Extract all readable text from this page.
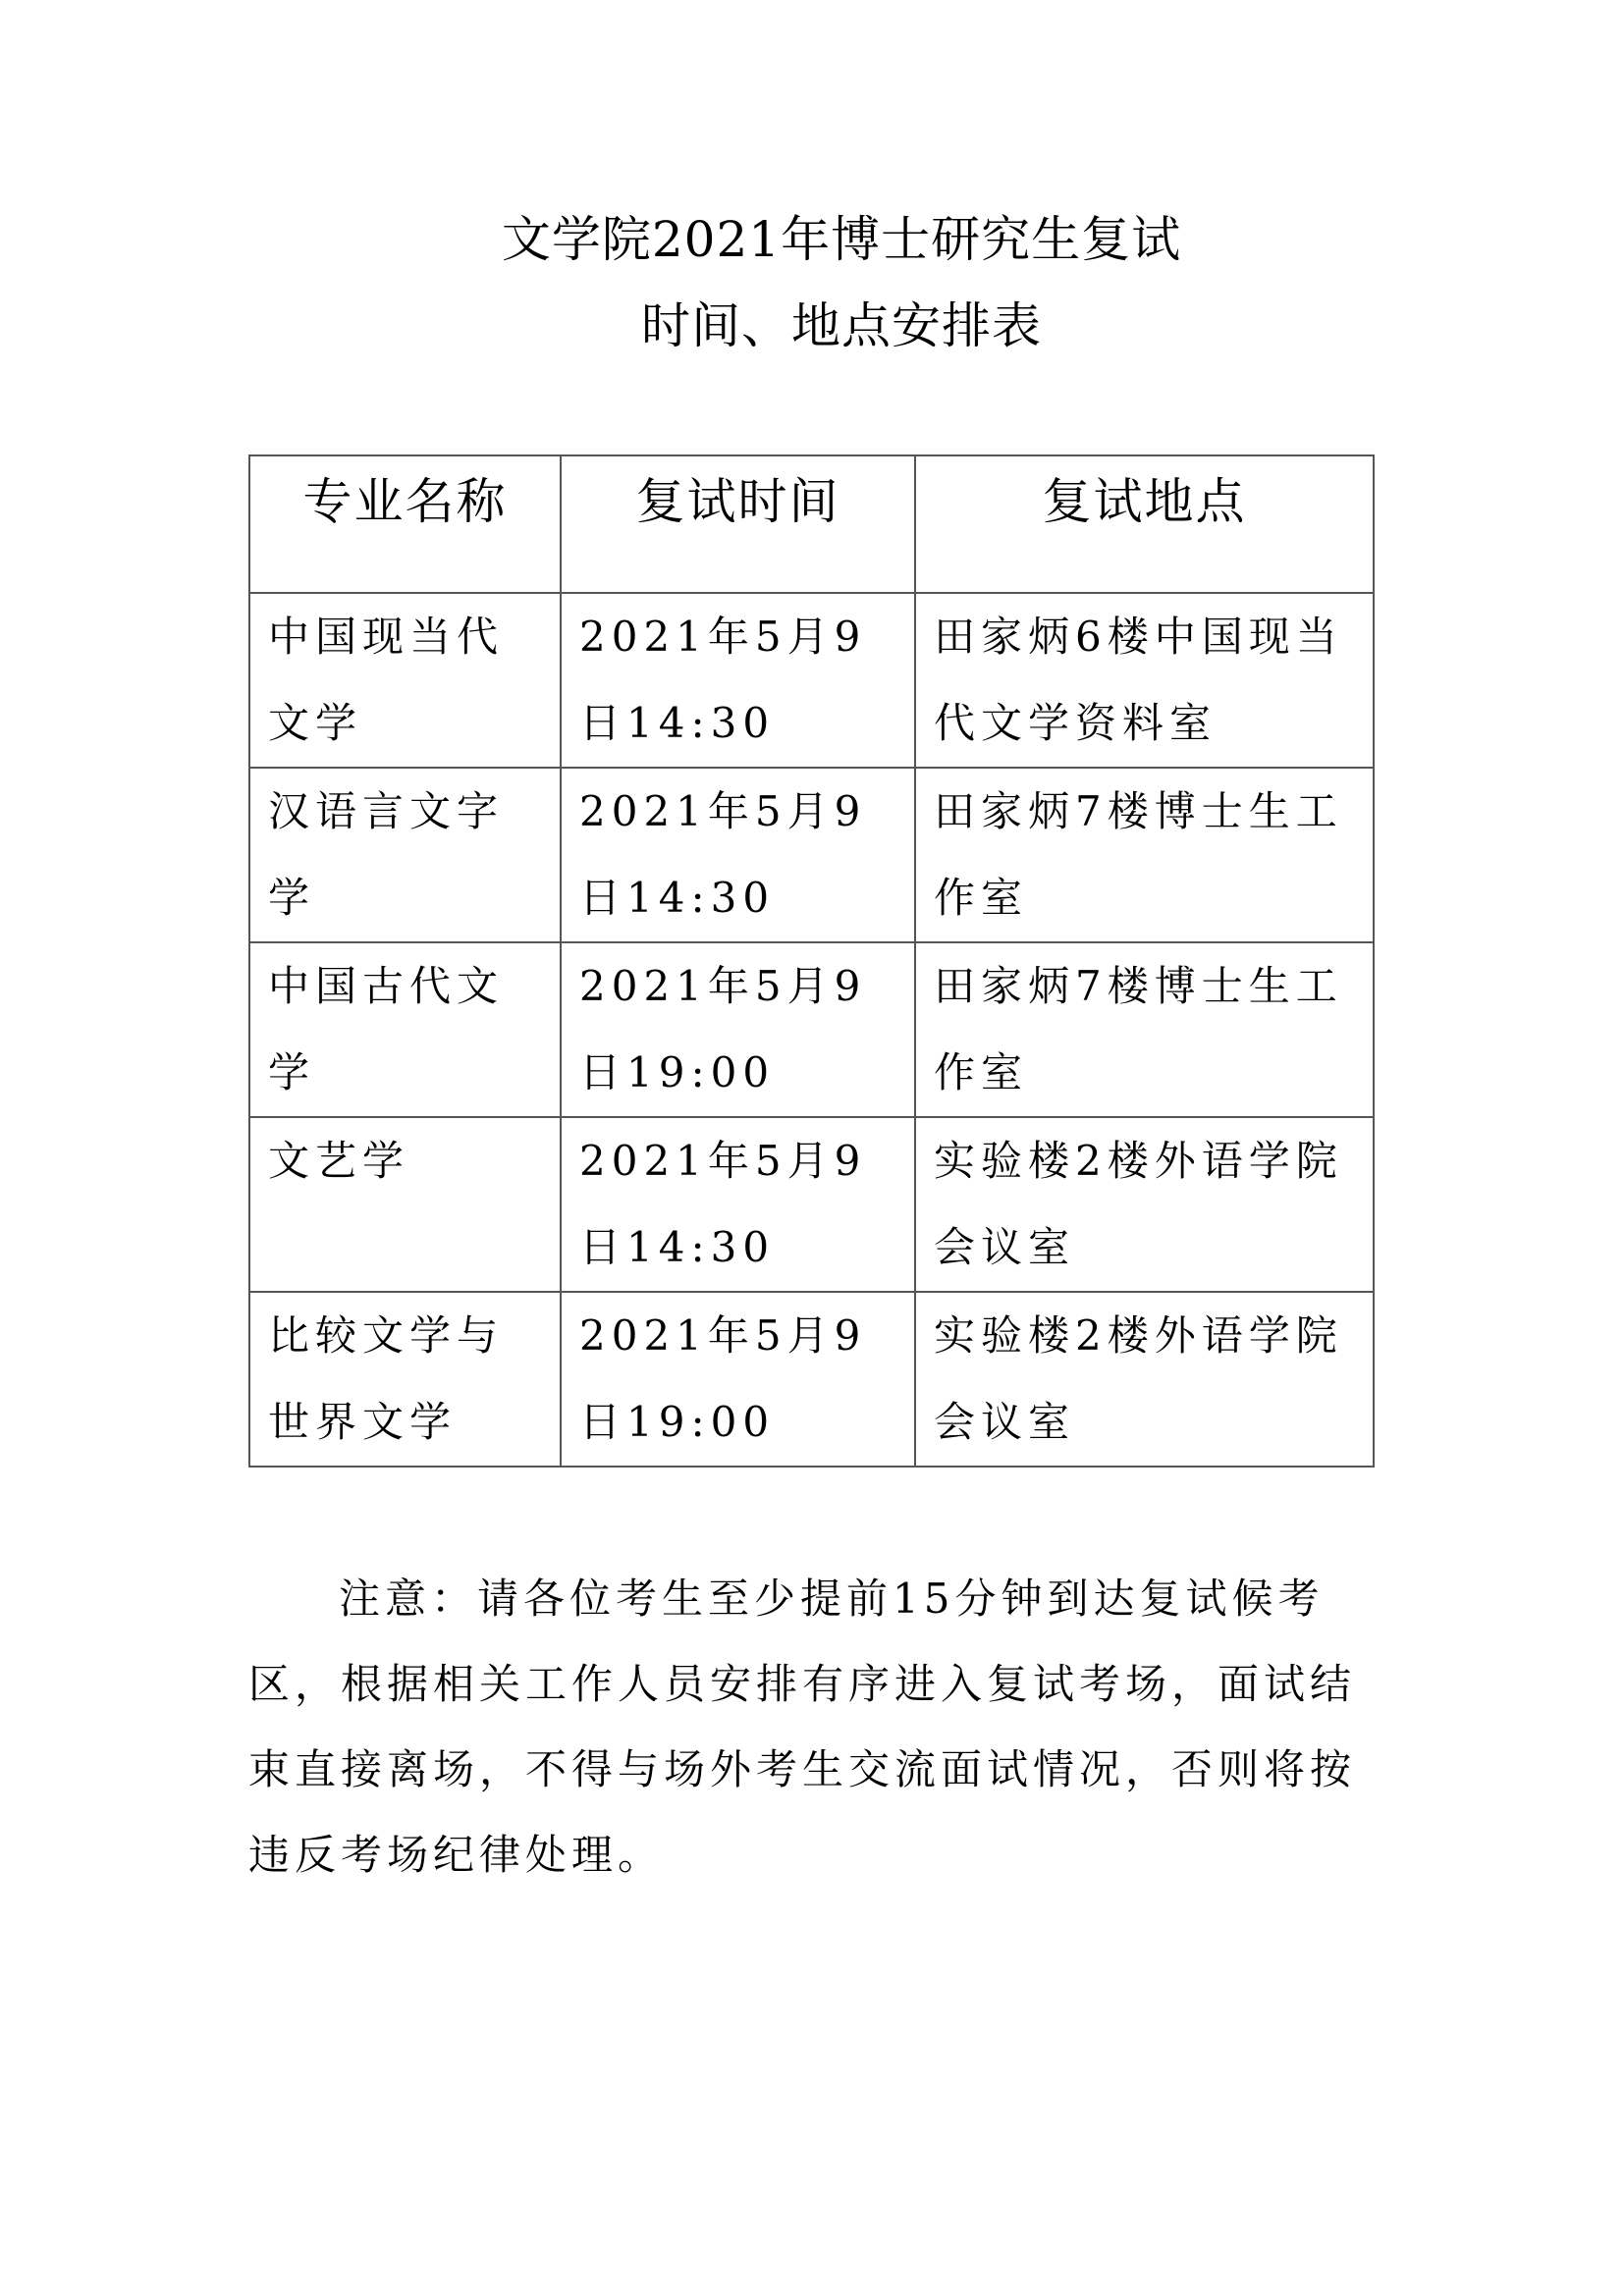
文学院2021年博士研究生复试
时间、地点安排表
专业名称	复试时间	复试地点
中国现当代文学	2021年5月9日14:30	田家炳6楼中国现当代文学资料室
汉语言文字学	2021年5月9日14:30	田家炳7楼博士生工作室
中国古代文学	2021年5月9日19:00	田家炳7楼博士生工作室
文艺学	2021年5月9日14:30	实验楼2楼外语学院会议室
比较文学与世界文学	2021年5月9日19:00	实验楼2楼外语学院会议室
注意：请各位考生至少提前15分钟到达复试候考区，根据相关工作人员安排有序进入复试考场，面试结束直接离场，不得与场外考生交流面试情况，否则将按违反考场纪律处理。
